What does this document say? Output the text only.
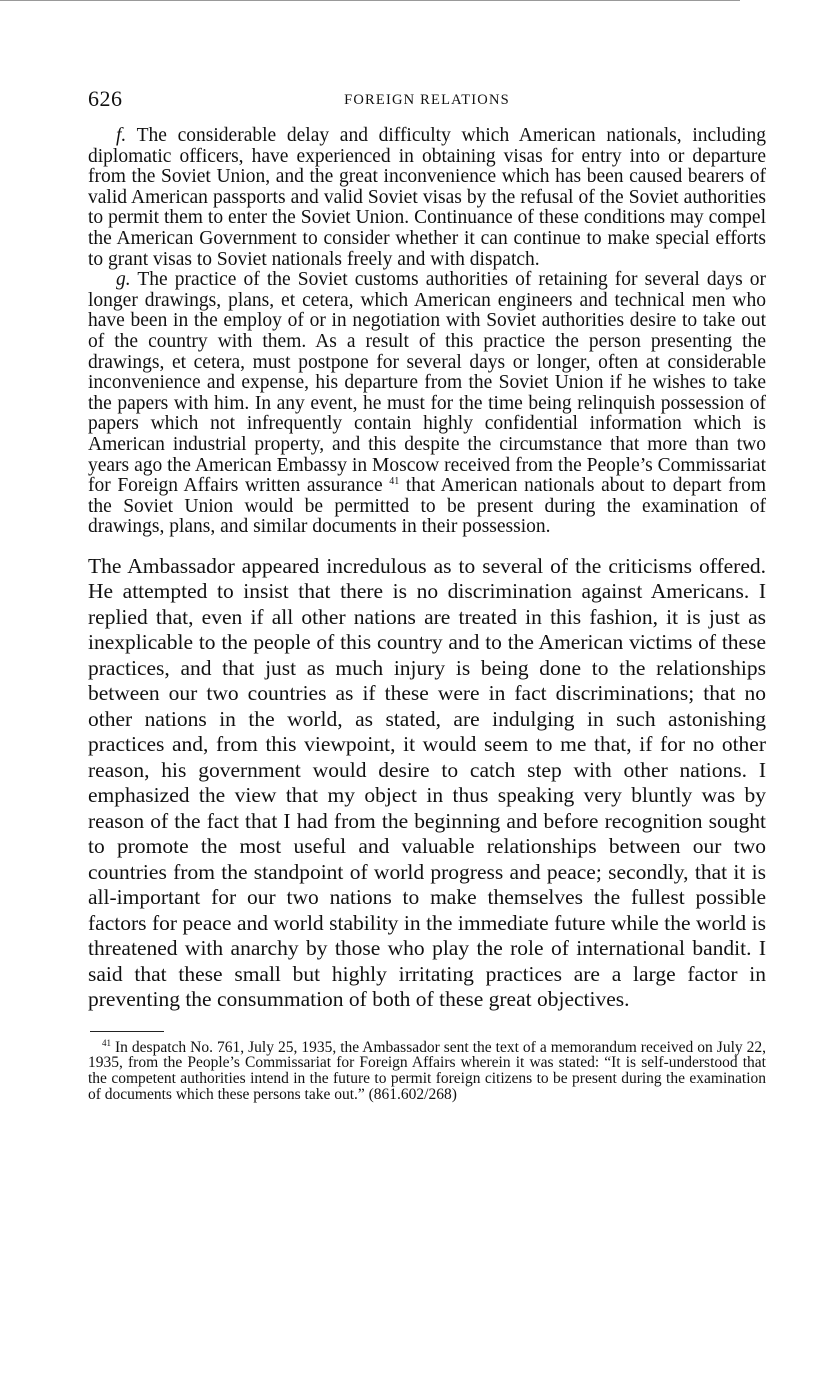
626	FOREIGN RELATIONS

f. The considerable delay and difficulty which American nationals, including diplomatic officers, have experienced in obtaining visas for entry into or departure from the Soviet Union, and the great inconvenience which has been caused bearers of valid American passports and valid Soviet visas by the refusal of the Soviet authorities to permit them to enter the Soviet Union. Continuance of these conditions may compel the American Government to consider whether it can continue to make special efforts to grant visas to Soviet nationals freely and with dispatch.

g. The practice of the Soviet customs authorities of retaining for several days or longer drawings, plans, et cetera, which American engineers and technical men who have been in the employ of or in negotiation with Soviet authorities desire to take out of the country with them. As a result of this practice the person presenting the drawings, et cetera, must postpone for several days or longer, often at considerable inconvenience and expense, his departure from the Soviet Union if he wishes to take the papers with him. In any event, he must for the time being relinquish possession of papers which not infrequently contain highly confidential information which is American industrial property, and this despite the circumstance that more than two years ago the American Embassy in Moscow received from the People’s Commissariat for Foreign Affairs written assurance $^{41}$ that American nationals about to depart from the Soviet Union would be permitted to be present during the examination of drawings, plans, and similar documents in their possession.

The Ambassador appeared incredulous as to several of the criticisms offered. He attempted to insist that there is no discrimination against Americans. I replied that, even if all other nations are treated in this fashion, it is just as inexplicable to the people of this country and to the American victims of these practices, and that just as much injury is being done to the relationships between our two countries as if these were in fact discriminations; that no other nations in the world, as stated, are indulging in such astonishing practices and, from this viewpoint, it would seem to me that, if for no other reason, his government would desire to catch step with other nations. I emphasized the view that my object in thus speaking very bluntly was by reason of the fact that I had from the beginning and before recognition sought to promote the most useful and valuable relationships between our two countries from the standpoint of world progress and peace; secondly, that it is all-important for our two nations to make themselves the fullest possible factors for peace and world stability in the immediate future while the world is threatened with anarchy by those who play the role of international bandit. I said that these small but highly irritating practices are a large factor in preventing the consummation of both of these great objectives.

$^{41}$ In despatch No. 761, July 25, 1935, the Ambassador sent the text of a memorandum received on July 22, 1935, from the People’s Commissariat for Foreign Affairs wherein it was stated: “It is self-understood that the competent authorities intend in the future to permit foreign citizens to be present during the examination of documents which these persons take out.” (861.602/268)
